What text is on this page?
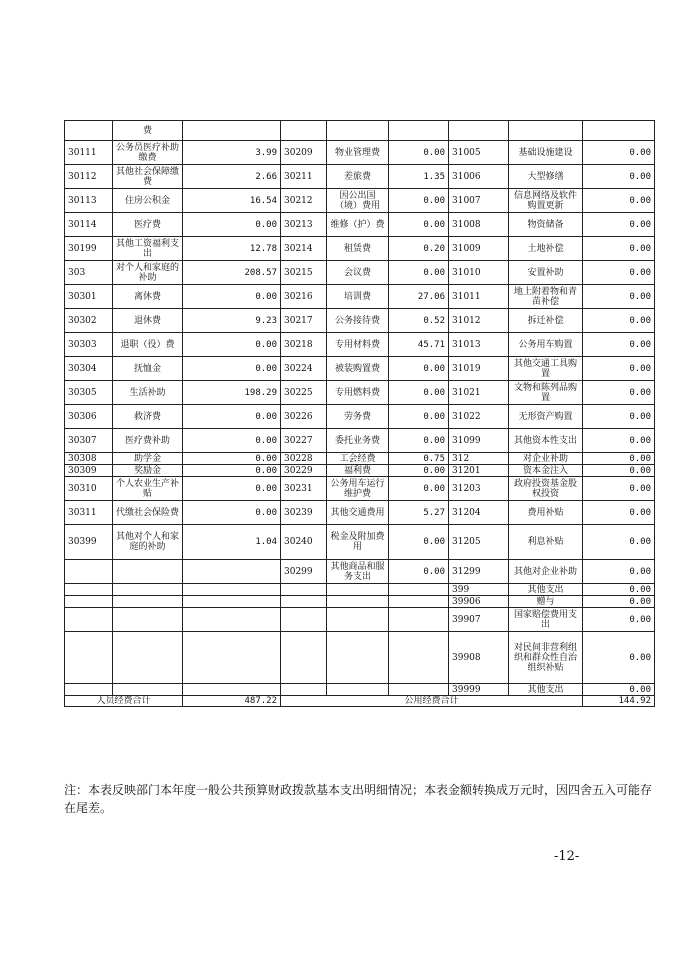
	费							
30111	公务员医疗补助缴费	3.99	30209	物业管理费	0.00	31005	基础设施建设	0.00
30112	其他社会保障缴费	2.66	30211	差旅费	1.35	31006	大型修缮	0.00
30113	住房公积金	16.54	30212	因公出国（境）费用	0.00	31007	信息网络及软件购置更新	0.00
30114	医疗费	0.00	30213	维修（护）费	0.00	31008	物资储备	0.00
30199	其他工资福利支出	12.78	30214	租赁费	0.20	31009	土地补偿	0.00
303	对个人和家庭的补助	208.57	30215	会议费	0.00	31010	安置补助	0.00
30301	离休费	0.00	30216	培训费	27.06	31011	地上附着物和青苗补偿	0.00
30302	退休费	9.23	30217	公务接待费	0.52	31012	拆迁补偿	0.00
30303	退职（役）费	0.00	30218	专用材料费	45.71	31013	公务用车购置	0.00
30304	抚恤金	0.00	30224	被装购置费	0.00	31019	其他交通工具购置	0.00
30305	生活补助	198.29	30225	专用燃料费	0.00	31021	文物和陈列品购置	0.00
30306	救济费	0.00	30226	劳务费	0.00	31022	无形资产购置	0.00
30307	医疗费补助	0.00	30227	委托业务费	0.00	31099	其他资本性支出	0.00
30308	助学金	0.00	30228	工会经费	0.75	312	对企业补助	0.00
30309	奖励金	0.00	30229	福利费	0.00	31201	资本金注入	0.00
30310	个人农业生产补贴	0.00	30231	公务用车运行维护费	0.00	31203	政府投资基金股权投资	0.00
30311	代缴社会保险费	0.00	30239	其他交通费用	5.27	31204	费用补贴	0.00
30399	其他对个人和家庭的补助	1.04	30240	税金及附加费用	0.00	31205	利息补贴	0.00
			30299	其他商品和服务支出	0.00	31299	其他对企业补助	0.00
						399	其他支出	0.00
						39906	赠与	0.00
						39907	国家赔偿费用支出	0.00
						39908	对民间非营利组织和群众性自治组织补贴	0.00
						39999	其他支出	0.00
人员经费合计		487.22	公用经费合计					144.92
注：本表反映部门本年度一般公共预算财政拨款基本支出明细情况；本表金额转换成万元时，因四舍五入可能存在尾差。
-12-
